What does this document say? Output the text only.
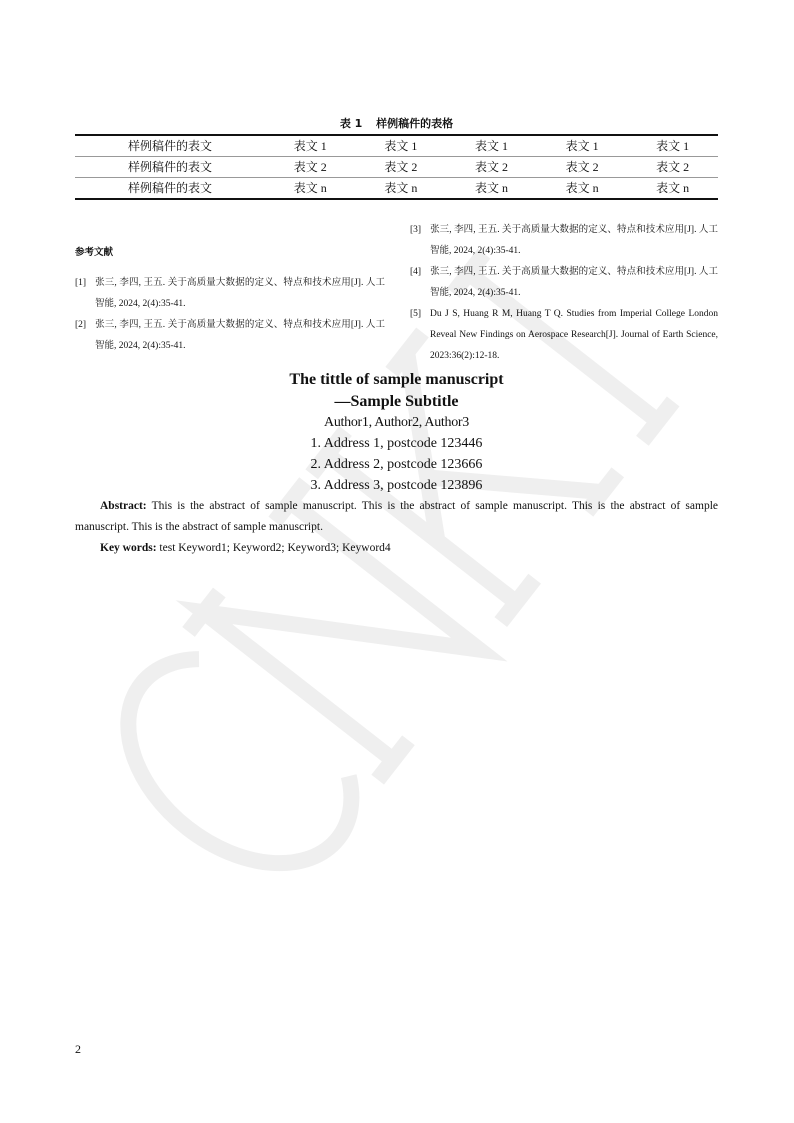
表 1 样例稿件的表格
样例稿件的表文	表文 1	表文 1	表文 1	表文 1	表文 1
样例稿件的表文	表文 2	表文 2	表文 2	表文 2	表文 2
样例稿件的表文	表文 n	表文 n	表文 n	表文 n	表文 n
参考文献
[1] 张三, 李四, 王五. 关于高质量大数据的定义、特点和技术应用[J]. 人工智能, 2024, 2(4):35-41.
[2] 张三, 李四, 王五. 关于高质量大数据的定义、特点和技术应用[J]. 人工智能, 2024, 2(4):35-41.
[3] 张三, 李四, 王五. 关于高质量大数据的定义、特点和技术应用[J]. 人工智能, 2024, 2(4):35-41.
[4] 张三, 李四, 王五. 关于高质量大数据的定义、特点和技术应用[J]. 人工智能, 2024, 2(4):35-41.
[5] Du J S, Huang R M, Huang T Q. Studies from Imperial College London Reveal New Findings on Aerospace Research[J]. Journal of Earth Science, 2023:36(2):12-18.
The tittle of sample manuscript
—Sample Subtitle
Author1, Author2, Author3
1. Address 1, postcode 123446
2. Address 2, postcode 123666
3. Address 3, postcode 123896
Abstract: This is the abstract of sample manuscript. This is the abstract of sample manuscript. This is the abstract of sample manuscript. This is the abstract of sample manuscript.
Key words: test Keyword1; Keyword2; Keyword3; Keyword4
2
